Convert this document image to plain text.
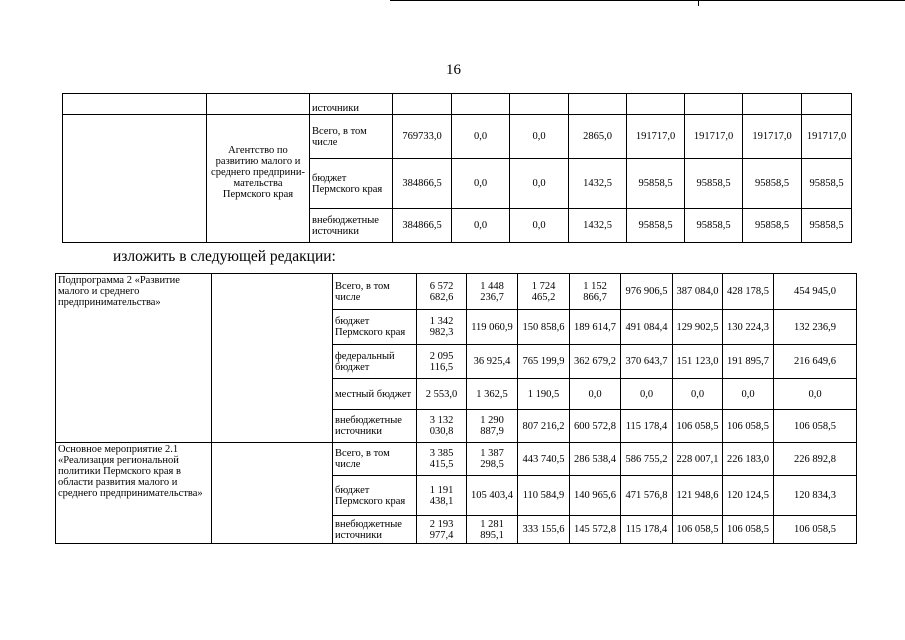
16
		источники								
	Агентство по развитию малого и среднего предприни-мательства Пермского края	Всего, в том числе	769733,0	0,0	0,0	2865,0	191717,0	191717,0	191717,0	191717,0
		бюджет Пермского края	384866,5	0,0	0,0	1432,5	95858,5	95858,5	95858,5	95858,5
		внебюджетные источники	384866,5	0,0	0,0	1432,5	95858,5	95858,5	95858,5	95858,5
изложить в следующей редакции:
Подпрограмма 2 «Развитие малого и среднего предпринимательства»		Всего, в том числе	6 572 682,6	1 448 236,7	1 724 465,2	1 152 866,7	976 906,5	387 084,0	428 178,5	454 945,0
		бюджет Пермского края	1 342 982,3	119 060,9	150 858,6	189 614,7	491 084,4	129 902,5	130 224,3	132 236,9
		федеральный бюджет	2 095 116,5	36 925,4	765 199,9	362 679,2	370 643,7	151 123,0	191 895,7	216 649,6
		местный бюджет	2 553,0	1 362,5	1 190,5	0,0	0,0	0,0	0,0	0,0
		внебюджетные источники	3 132 030,8	1 290 887,9	807 216,2	600 572,8	115 178,4	106 058,5	106 058,5	106 058,5
Основное мероприятие 2.1 «Реализация региональной политики Пермского края в области развития малого и среднего предпринимательства»		Всего, в том числе	3 385 415,5	1 387 298,5	443 740,5	286 538,4	586 755,2	228 007,1	226 183,0	226 892,8
		бюджет Пермского края	1 191 438,1	105 403,4	110 584,9	140 965,6	471 576,8	121 948,6	120 124,5	120 834,3
		внебюджетные источники	2 193 977,4	1 281 895,1	333 155,6	145 572,8	115 178,4	106 058,5	106 058,5	106 058,5
